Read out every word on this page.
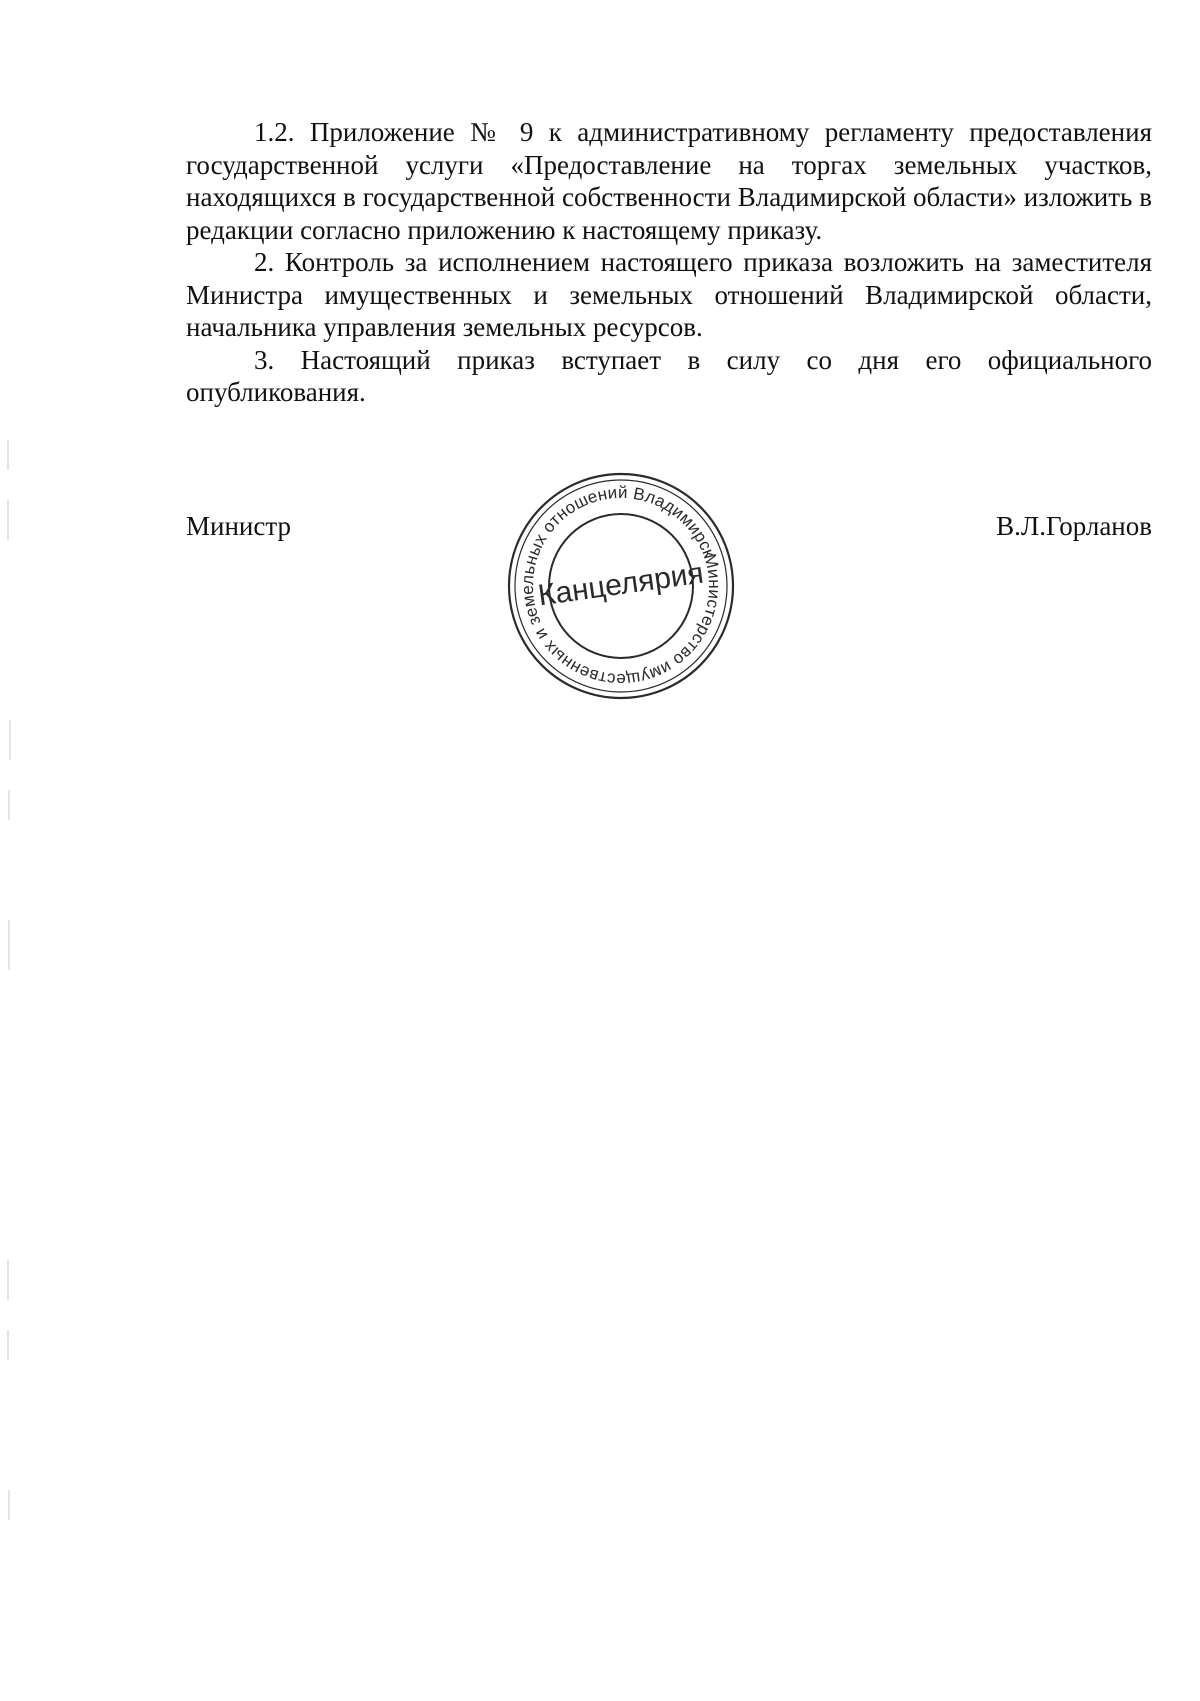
1.2. Приложение № 9 к административному регламенту предоставления государственной услуги «Предоставление на торгах земельных участков, находящихся в государственной собственности Владимирской области» изложить в редакции согласно приложению к настоящему приказу.

2. Контроль за исполнением настоящего приказа возложить на заместителя Министра имущественных и земельных отношений Владимирской области, начальника управления земельных ресурсов.

3. Настоящий приказ вступает в силу со дня его официального опубликования.

Министр	В.Л.Горланов
Министерство имущественных и земельных отношений Владимирской
Канцелярия
